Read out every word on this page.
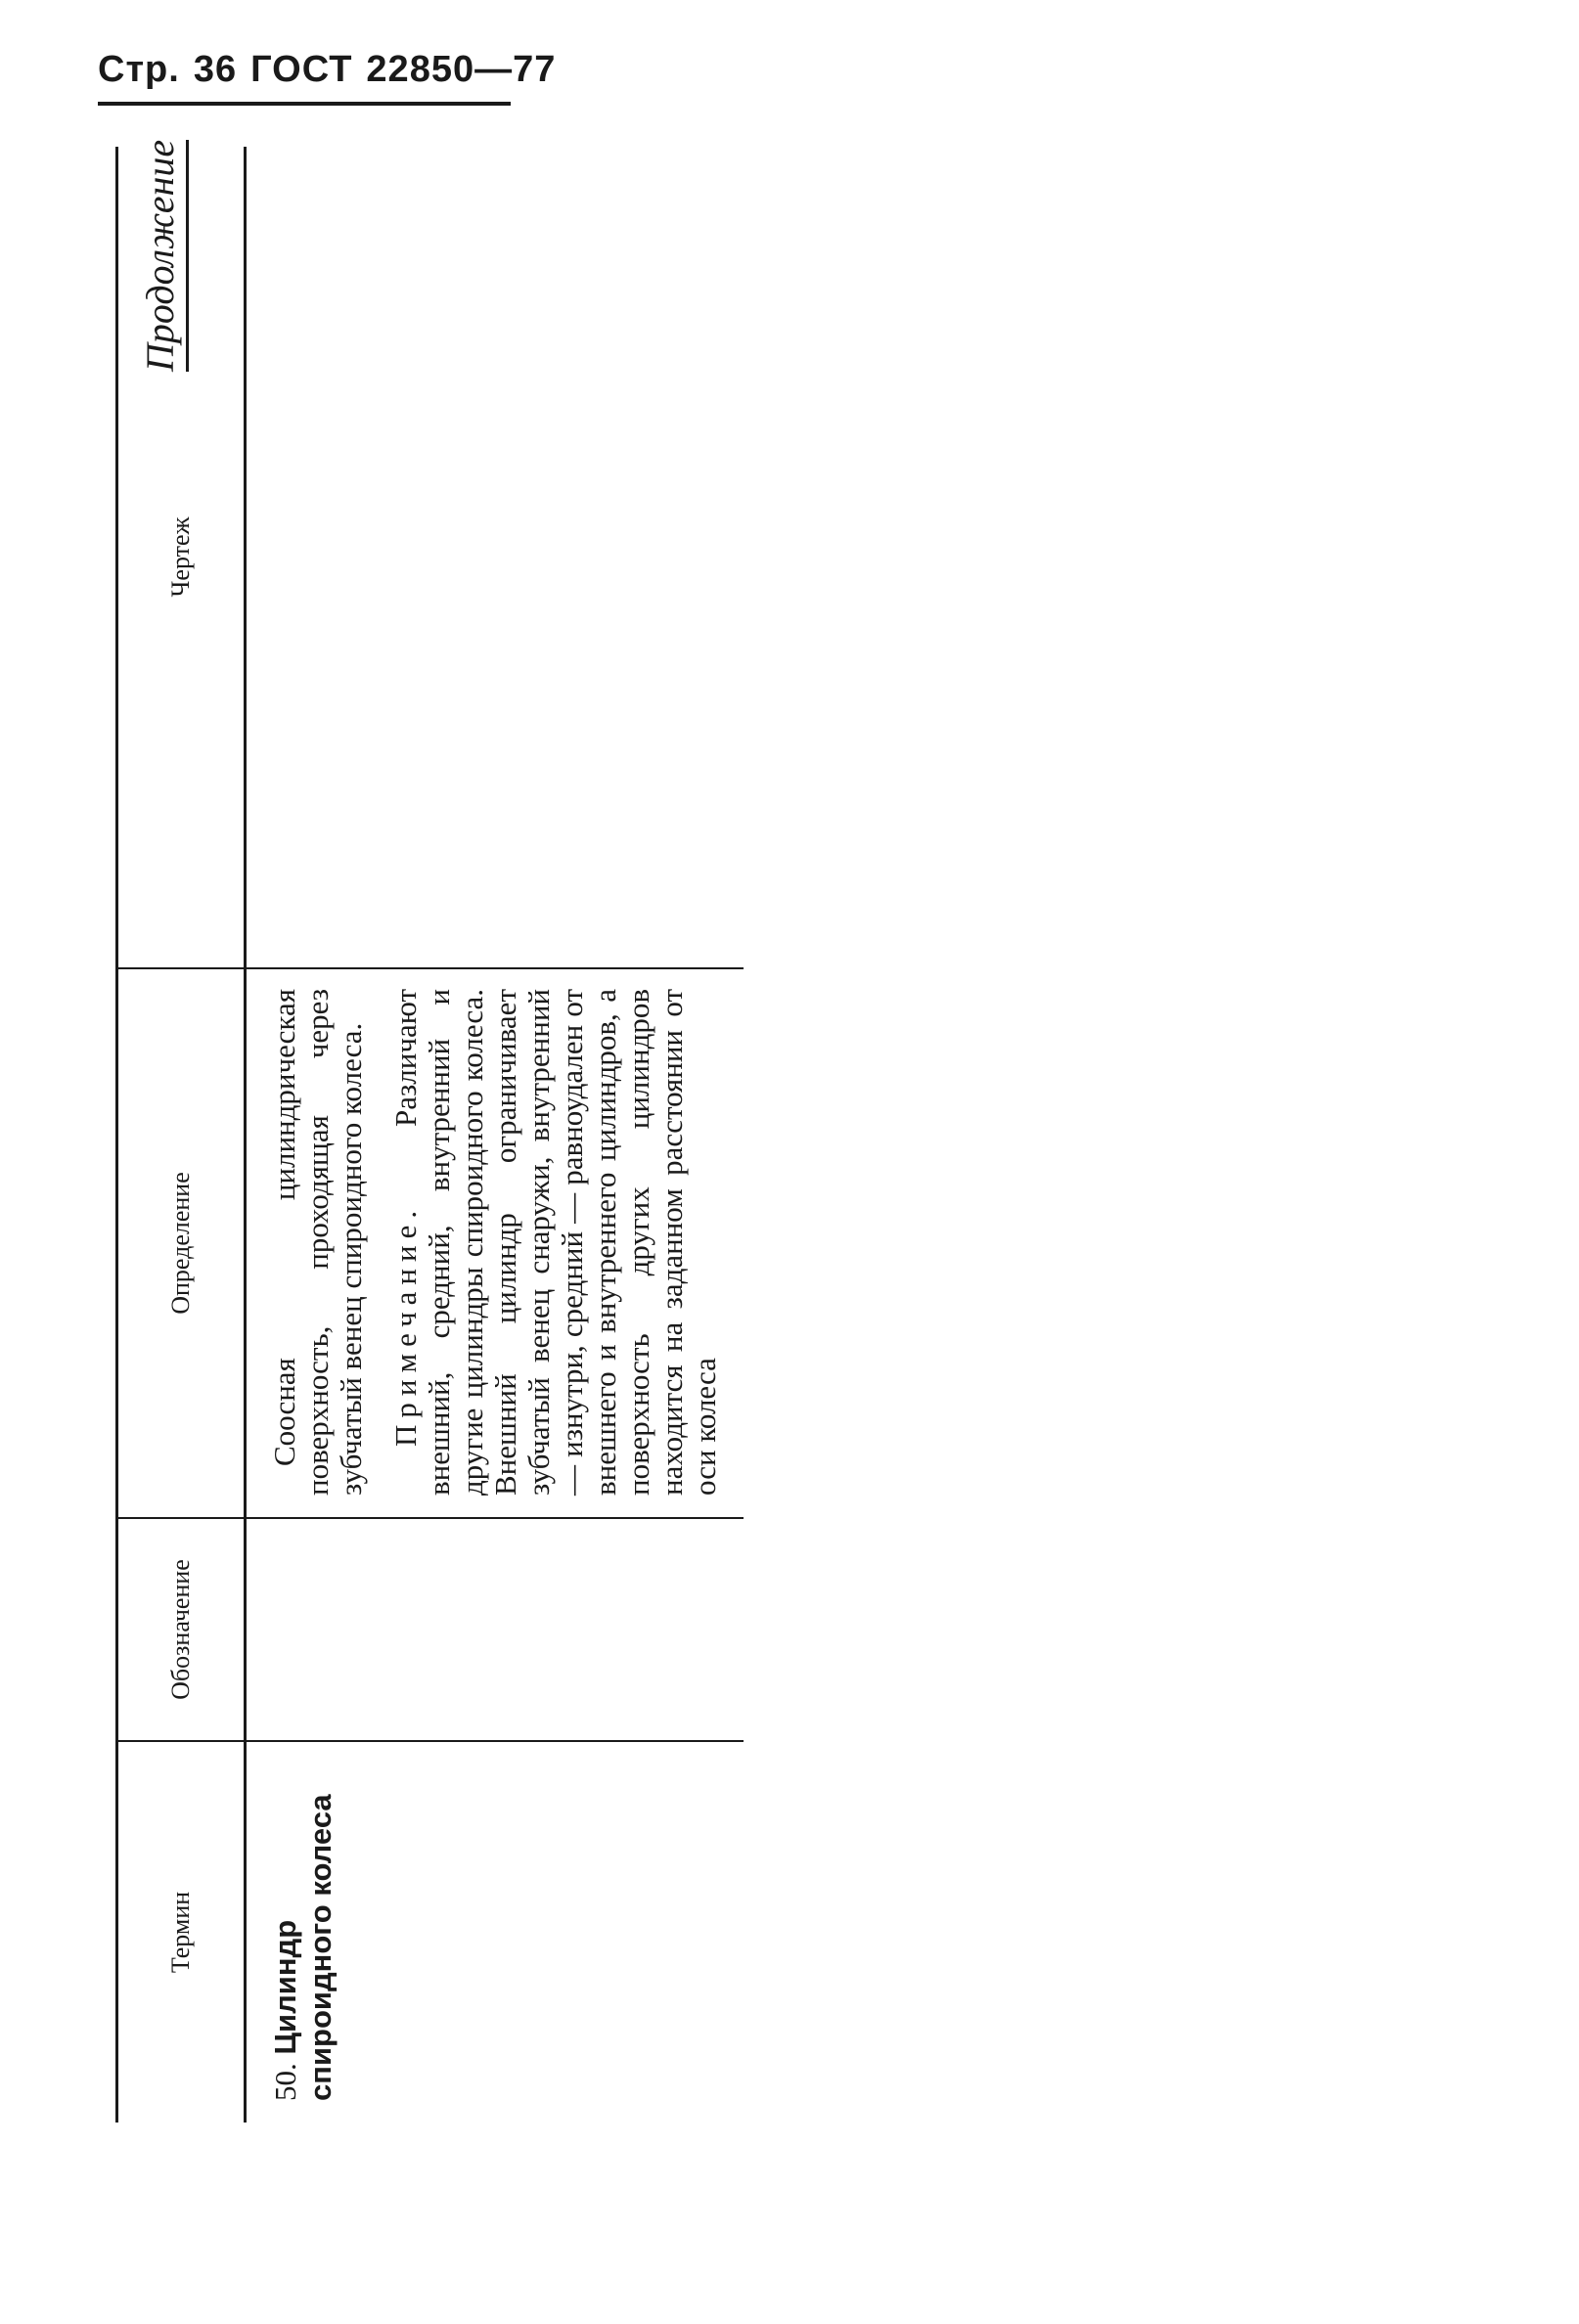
Стр. 36 ГОСТ 22850—77
Продолжение
Термин	Обозначение	Определение	Чертеж

50. Цилиндр спироидного колеса		Соосная цилиндрическая поверхность, проходящая через зубчатый венец спироидного колеса. Примечание. Различают внешний, средний, внутренний и другие цилиндры спироидного колеса. Внешний цилиндр ограничивает зубчатый венец снаружи, внутренний — изнутри, средний — равноудален от внешнего и внутреннего цилиндров, а поверхность других цилиндров находится на заданном расстоянии от оси колеса	
